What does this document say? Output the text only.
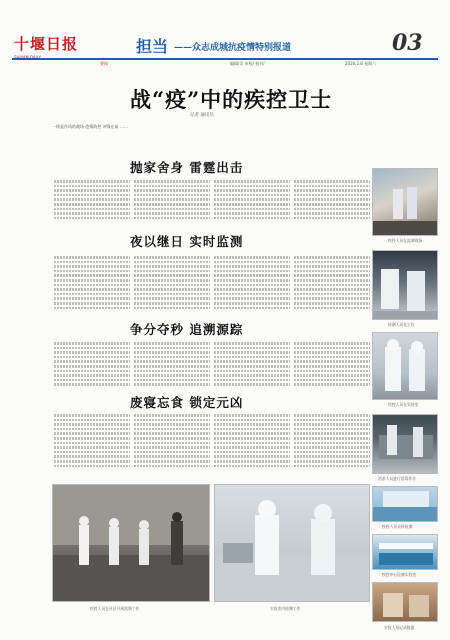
十堰日报	担当 ——众志成城抗疫情特别报道	03
要闻	编辑/吴 审校/ 校对/	2020.2.8 星期六
战“疫”中的疾控卫士
记者 通讯员
一线是作风的战场 疫情防控 冲锋在前 ……
抛家舍身 雷霆出击
夜以继日 实时监测
争分夺秒 追溯源踪
废寝忘食 锁定元凶
疾控人员在流调现场
检测人员在工作
疾控人员在实验室
消杀人员进行消毒作业
疾控人员采样检测
疾控中心检测实验室
实验人员记录数据
疾控人员在社区开展流调工作	实验室内检测工作
